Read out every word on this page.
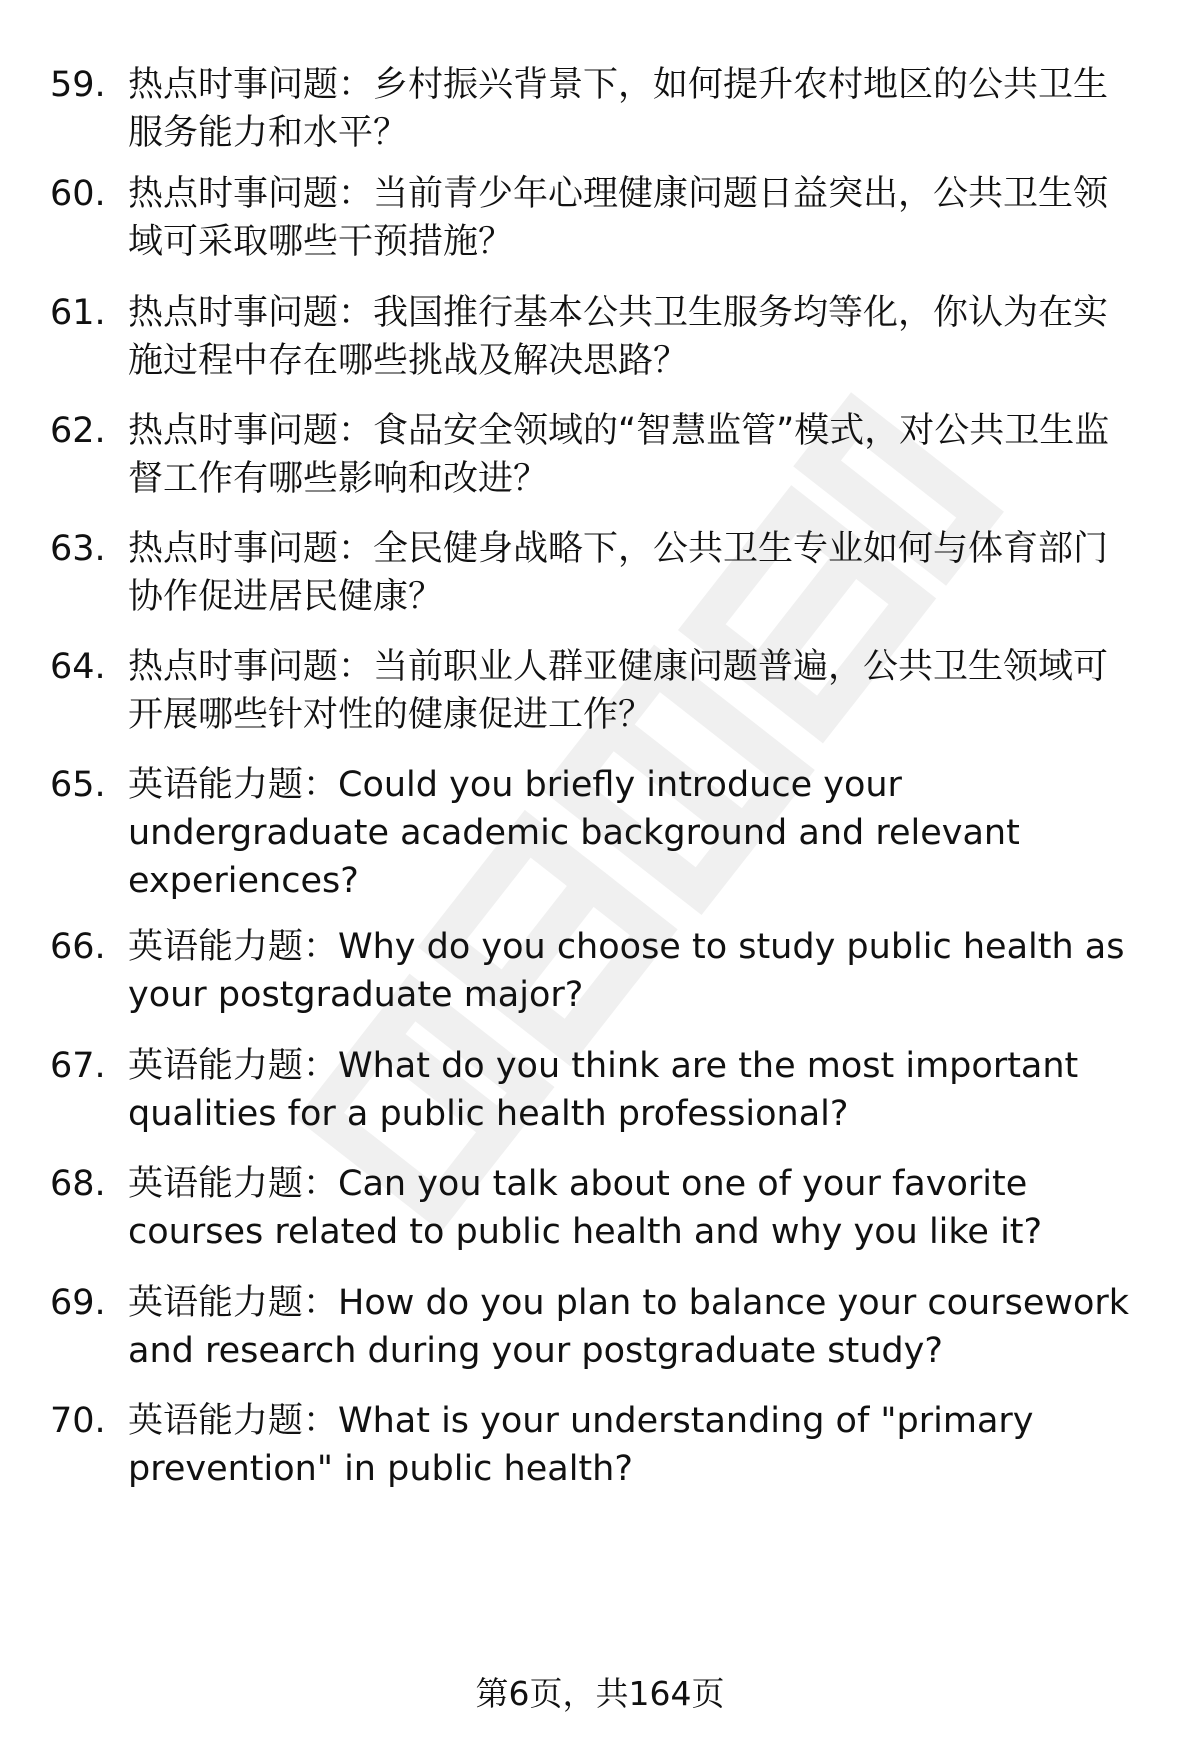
59. 热点时事问题：乡村振兴背景下，如何提升农村地区的公共卫生服务能力和水平？
60. 热点时事问题：当前青少年心理健康问题日益突出，公共卫生领域可采取哪些干预措施？
61. 热点时事问题：我国推行基本公共卫生服务均等化，你认为在实施过程中存在哪些挑战及解决思路？
62. 热点时事问题：食品安全领域的“智慧监管”模式，对公共卫生监督工作有哪些影响和改进？
63. 热点时事问题：全民健身战略下，公共卫生专业如何与体育部门协作促进居民健康？
64. 热点时事问题：当前职业人群亚健康问题普遍，公共卫生领域可开展哪些针对性的健康促进工作？
65. 英语能力题：Could you briefly introduce your undergraduate academic background and relevant experiences?
66. 英语能力题：Why do you choose to study public health as your postgraduate major?
67. 英语能力题：What do you think are the most important qualities for a public health professional?
68. 英语能力题：Can you talk about one of your favorite courses related to public health and why you like it?
69. 英语能力题：How do you plan to balance your coursework and research during your postgraduate study?
70. 英语能力题：What is your understanding of "primary prevention" in public health?
第6页，共164页
